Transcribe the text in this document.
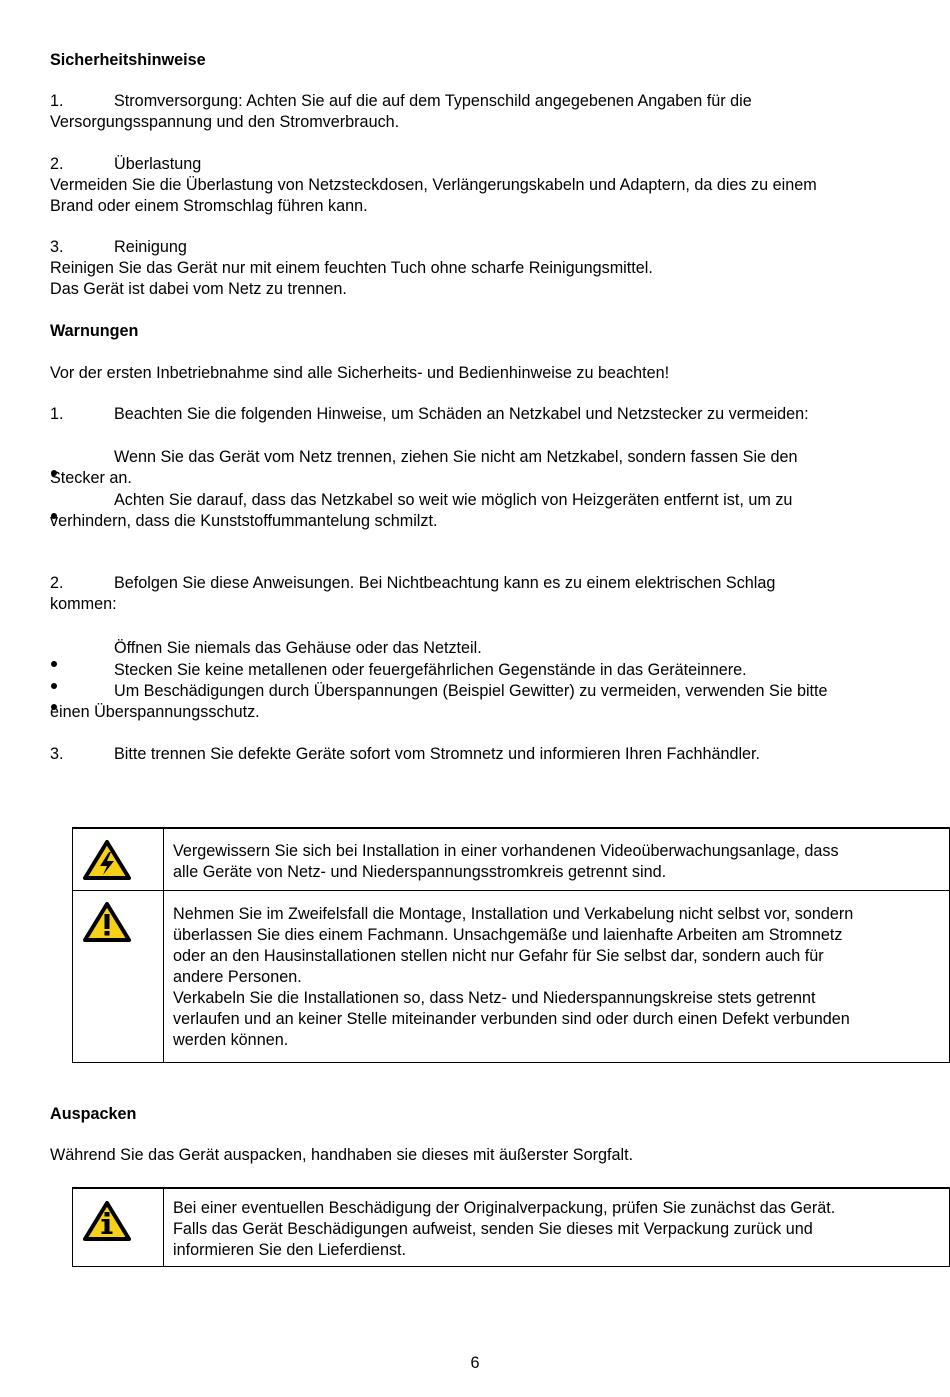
Sicherheitshinweise
1.	Stromversorgung: Achten Sie auf die auf dem Typenschild angegebenen Angaben für die
Versorgungsspannung und den Stromverbrauch.
2.	Überlastung
Vermeiden Sie die Überlastung von Netzsteckdosen, Verlängerungskabeln und Adaptern, da dies zu einem
Brand oder einem Stromschlag führen kann.
3.	Reinigung
Reinigen Sie das Gerät nur mit einem feuchten Tuch ohne scharfe Reinigungsmittel.
Das Gerät ist dabei vom Netz zu trennen.
Warnungen
Vor der ersten Inbetriebnahme sind alle Sicherheits- und Bedienhinweise zu beachten!
1.	Beachten Sie die folgenden Hinweise, um Schäden an Netzkabel und Netzstecker zu vermeiden:
Wenn Sie das Gerät vom Netz trennen, ziehen Sie nicht am Netzkabel, sondern fassen Sie den
Stecker an.
Achten Sie darauf, dass das Netzkabel so weit wie möglich von Heizgeräten entfernt ist, um zu
verhindern, dass die Kunststoffummantelung schmilzt.
2.	Befolgen Sie diese Anweisungen. Bei Nichtbeachtung kann es zu einem elektrischen Schlag
kommen:
Öffnen Sie niemals das Gehäuse oder das Netzteil.
Stecken Sie keine metallenen oder feuergefährlichen Gegenstände in das Geräteinnere.
Um Beschädigungen durch Überspannungen (Beispiel Gewitter) zu vermeiden, verwenden Sie bitte
einen Überspannungsschutz.
3.	Bitte trennen Sie defekte Geräte sofort vom Stromnetz und informieren Ihren Fachhändler.
Auspacken
Während Sie das Gerät auspacken, handhaben sie dieses mit äußerster Sorgfalt.
Vergewissern Sie sich bei Installation in einer vorhandenen Videoüberwachungsanlage, dass
alle Geräte von Netz- und Niederspannungsstromkreis getrennt sind.
Nehmen Sie im Zweifelsfall die Montage, Installation und Verkabelung nicht selbst vor, sondern
überlassen Sie dies einem Fachmann. Unsachgemäße und laienhafte Arbeiten am Stromnetz
oder an den Hausinstallationen stellen nicht nur Gefahr für Sie selbst dar, sondern auch für
andere Personen.
Verkabeln Sie die Installationen so, dass Netz- und Niederspannungskreise stets getrennt
verlaufen und an keiner Stelle miteinander verbunden sind oder durch einen Defekt verbunden
werden können.
Bei einer eventuellen Beschädigung der Originalverpackung, prüfen Sie zunächst das Gerät.
Falls das Gerät Beschädigungen aufweist, senden Sie dieses mit Verpackung zurück und
informieren Sie den Lieferdienst.
6
